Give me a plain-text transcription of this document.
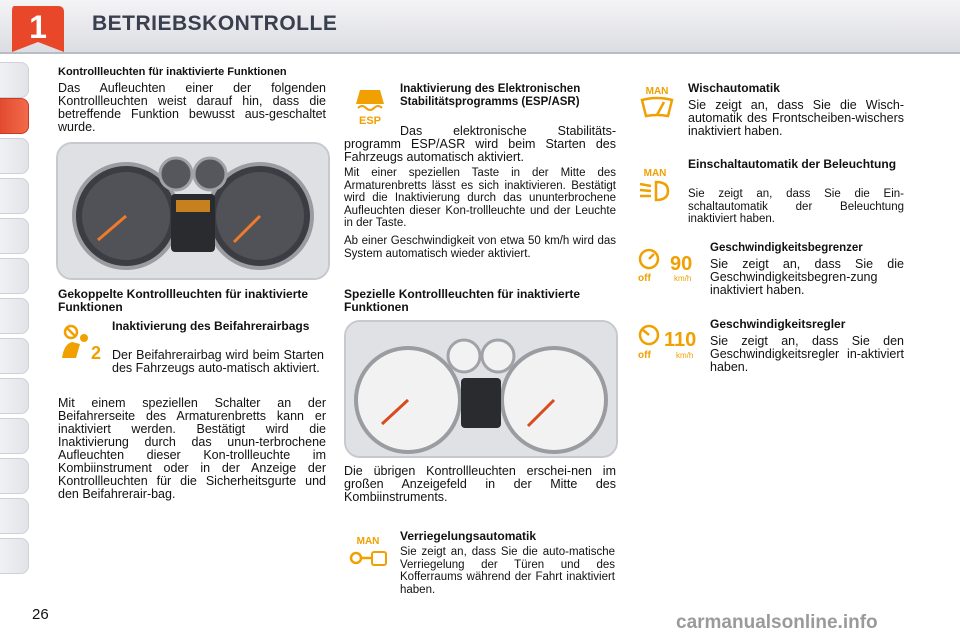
1 BETRIEBSKONTROLLE
Kontrollleuchten für inaktivierte Funktionen

Das Aufleuchten einer der folgenden Kontrollleuchten weist darauf hin, dass die betreffende Funktion bewusst aus-geschaltet wurde.

Gekoppelte Kontrollleuchten für inaktivierte Funktionen
2
Inaktivierung des Beifahrerairbags

Der Beifahrerairbag wird beim Starten des Fahrzeugs auto-matisch aktiviert.

Mit einem speziellen Schalter an der Beifahrerseite des Armaturenbretts kann er inaktiviert werden. Bestätigt wird die Inaktivierung durch das unun-terbrochene Aufleuchten dieser Kon-trollleuchte im Kombiinstrument oder in der Anzeige der Kontrollleuchten für die Sicherheitsgurte und den Beifahrerair-bag.

ESP
Inaktivierung des Elektronischen Stabilitätsprogramms (ESP/ASR)

Das elektronische Stabilitäts-programm ESP/ASR wird beim Starten des Fahrzeugs automatisch aktiviert.

Mit einer speziellen Taste in der Mitte des Armaturenbretts lässt es sich inaktivieren. Bestätigt wird die Inaktivierung durch das ununterbrochene Aufleuchten dieser Kon-trollleuchte und der Leuchte in der Taste.

Ab einer Geschwindigkeit von etwa 50 km/h wird das System automatisch wieder aktiviert.

Spezielle Kontrollleuchten für inaktivierte Funktionen

Die übrigen Kontrollleuchten erschei-nen im großen Anzeigefeld in der Mitte des Kombiinstruments.

MAN Verriegelungsautomatik

Sie zeigt an, dass Sie die auto-matische Verriegelung der Türen und des Kofferraums während der Fahrt inaktiviert haben.

MAN Wischautomatik

Sie zeigt an, dass Sie die Wisch-automatik des Frontscheiben-wischers inaktiviert haben.

MAN
Einschaltautomatik der Beleuchtung

Sie zeigt an, dass Sie die Ein-schaltautomatik der Beleuchtung inaktiviert haben.

off
90
km/h
Geschwindigkeitsbegrenzer

Sie zeigt an, dass Sie die Geschwindigkeitsbegren-zung inaktiviert haben.

off
110
km/h
Geschwindigkeitsregler

Sie zeigt an, dass Sie den Geschwindigkeitsregler in-aktiviert haben.

26	carmanualsonline.info
